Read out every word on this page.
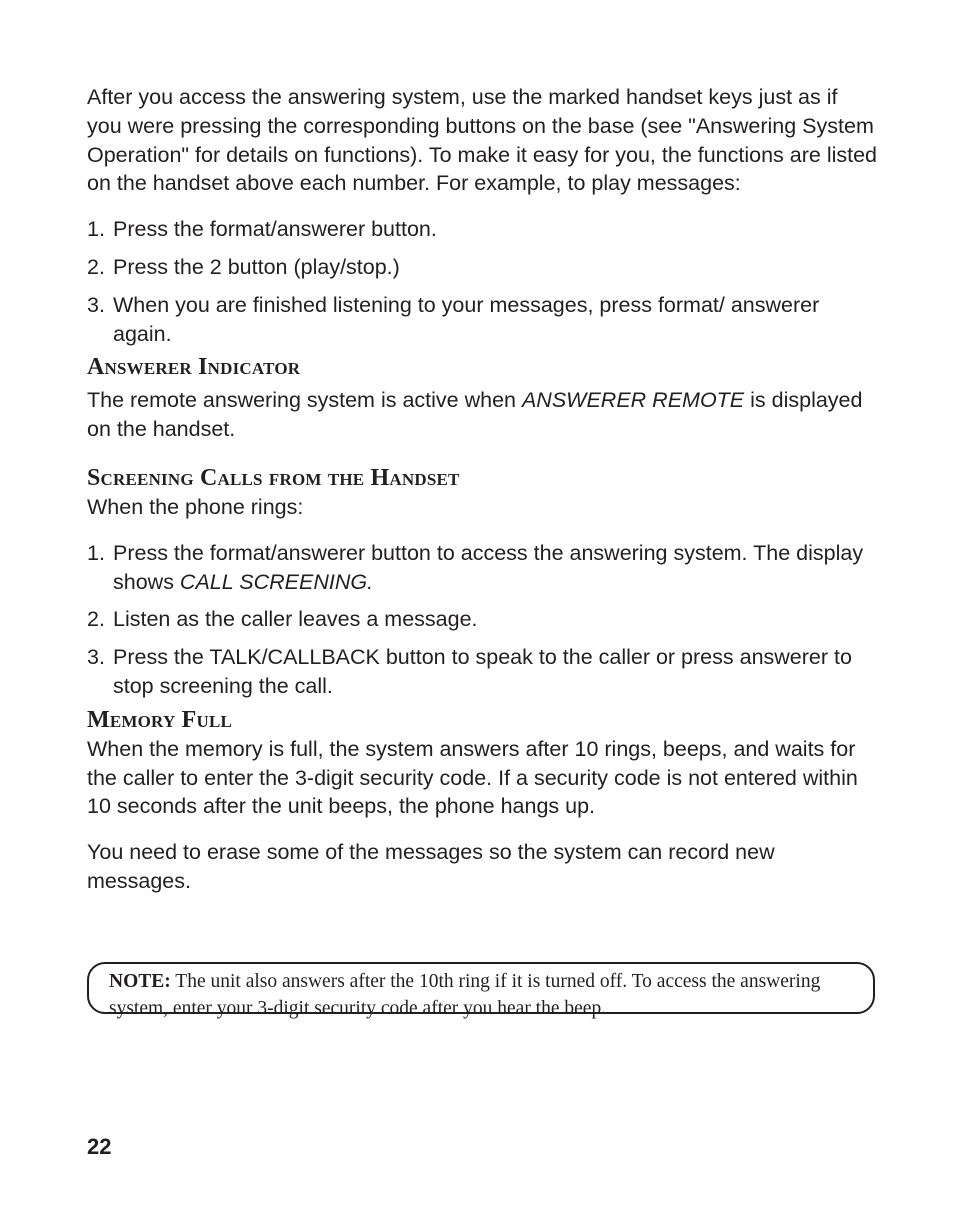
After you access the answering system, use the marked handset keys just as if you were pressing the corresponding buttons on the base (see "Answering System Operation" for details on functions). To make it easy for you, the functions are listed on the handset above each number. For example, to play messages:

1. Press the format/answerer button.
2. Press the 2 button (play/stop.)
3. When you are finished listening to your messages, press format/ answerer again.
Answerer Indicator

The remote answering system is active when ANSWERER REMOTE is displayed on the handset.

Screening Calls from the Handset

When the phone rings:

1. Press the format/answerer button to access the answering system. The display shows CALL SCREENING.
2. Listen as the caller leaves a message.
3. Press the TALK/CALLBACK button to speak to the caller or press answerer to stop screening the call.
Memory Full

When the memory is full, the system answers after 10 rings, beeps, and waits for the caller to enter the 3-digit security code. If a security code is not entered within 10 seconds after the unit beeps, the phone hangs up.

You need to erase some of the messages so the system can record new messages.

NOTE: The unit also answers after the 10th ring if it is turned off. To access the answering system, enter your 3-digit security code after you hear the beep.
22
